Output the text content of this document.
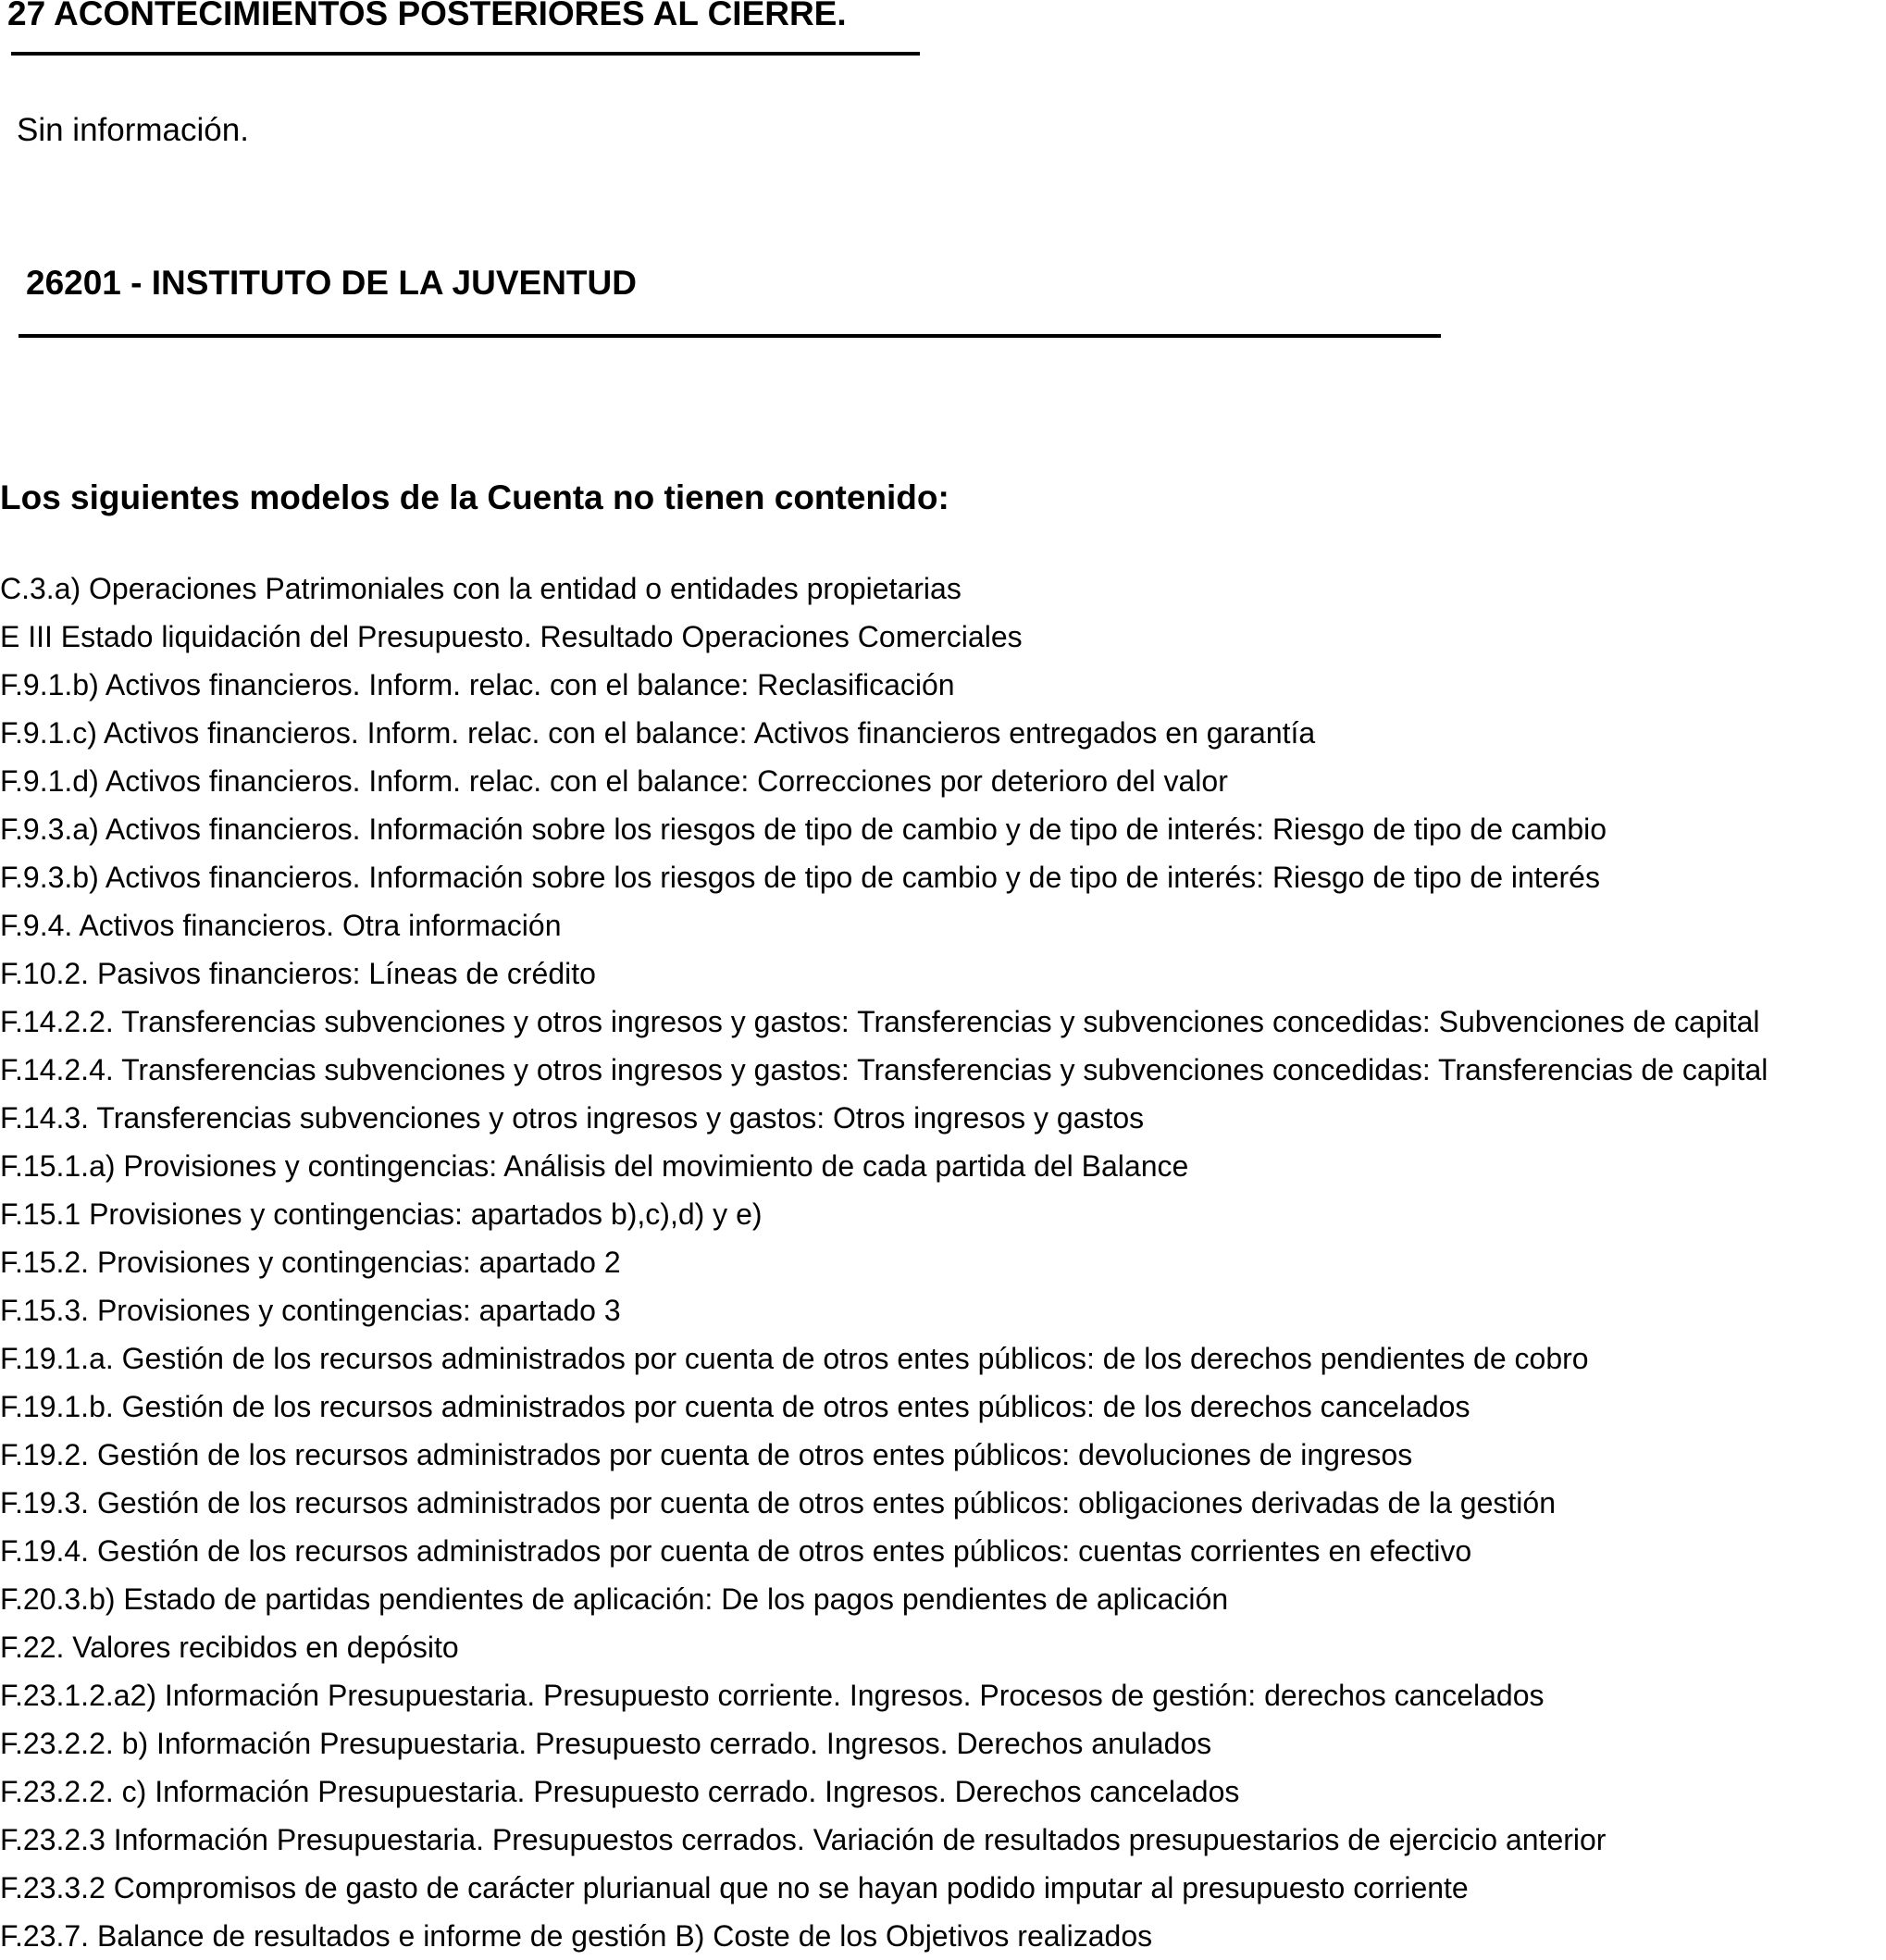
27 ACONTECIMIENTOS POSTERIORES AL CIERRE.

Sin información.

26201 - INSTITUTO DE LA JUVENTUD
Los siguientes modelos de la Cuenta no tienen contenido:
C.3.a) Operaciones Patrimoniales con la entidad o entidades propietarias
E III Estado liquidación del Presupuesto. Resultado Operaciones Comerciales
F.9.1.b) Activos financieros. Inform. relac. con el balance: Reclasificación
F.9.1.c) Activos financieros. Inform. relac. con el balance: Activos financieros entregados en garantía
F.9.1.d) Activos financieros. Inform. relac. con el balance: Correcciones por deterioro del valor
F.9.3.a) Activos financieros. Información sobre los riesgos de tipo de cambio y de tipo de interés: Riesgo de tipo de cambio
F.9.3.b) Activos financieros. Información sobre los riesgos de tipo de cambio y de tipo de interés: Riesgo de tipo de interés
F.9.4. Activos financieros. Otra información
F.10.2. Pasivos financieros: Líneas de crédito
F.14.2.2. Transferencias subvenciones y otros ingresos y gastos: Transferencias y subvenciones concedidas: Subvenciones de capital
F.14.2.4. Transferencias subvenciones y otros ingresos y gastos: Transferencias y subvenciones concedidas: Transferencias de capital
F.14.3. Transferencias subvenciones y otros ingresos y gastos: Otros ingresos y gastos
F.15.1.a) Provisiones y contingencias: Análisis del movimiento de cada partida del Balance
F.15.1 Provisiones y contingencias: apartados b),c),d) y e)
F.15.2. Provisiones y contingencias: apartado 2
F.15.3. Provisiones y contingencias: apartado 3
F.19.1.a. Gestión de los recursos administrados por cuenta de otros entes públicos: de los derechos pendientes de cobro
F.19.1.b. Gestión de los recursos administrados por cuenta de otros entes públicos: de los derechos cancelados
F.19.2. Gestión de los recursos administrados por cuenta de otros entes públicos: devoluciones de ingresos
F.19.3. Gestión de los recursos administrados por cuenta de otros entes públicos: obligaciones derivadas de la gestión
F.19.4. Gestión de los recursos administrados por cuenta de otros entes públicos: cuentas corrientes en efectivo
F.20.3.b) Estado de partidas pendientes de aplicación: De los pagos pendientes de aplicación
F.22. Valores recibidos en depósito
F.23.1.2.a2) Información Presupuestaria. Presupuesto corriente. Ingresos. Procesos de gestión: derechos cancelados
F.23.2.2. b) Información Presupuestaria. Presupuesto cerrado. Ingresos. Derechos anulados
F.23.2.2. c) Información Presupuestaria. Presupuesto cerrado. Ingresos. Derechos cancelados
F.23.2.3 Información Presupuestaria. Presupuestos cerrados. Variación de resultados presupuestarios de ejercicio anterior
F.23.3.2 Compromisos de gasto de carácter plurianual que no se hayan podido imputar al presupuesto corriente
F.23.7. Balance de resultados e informe de gestión B) Coste de los Objetivos realizados
